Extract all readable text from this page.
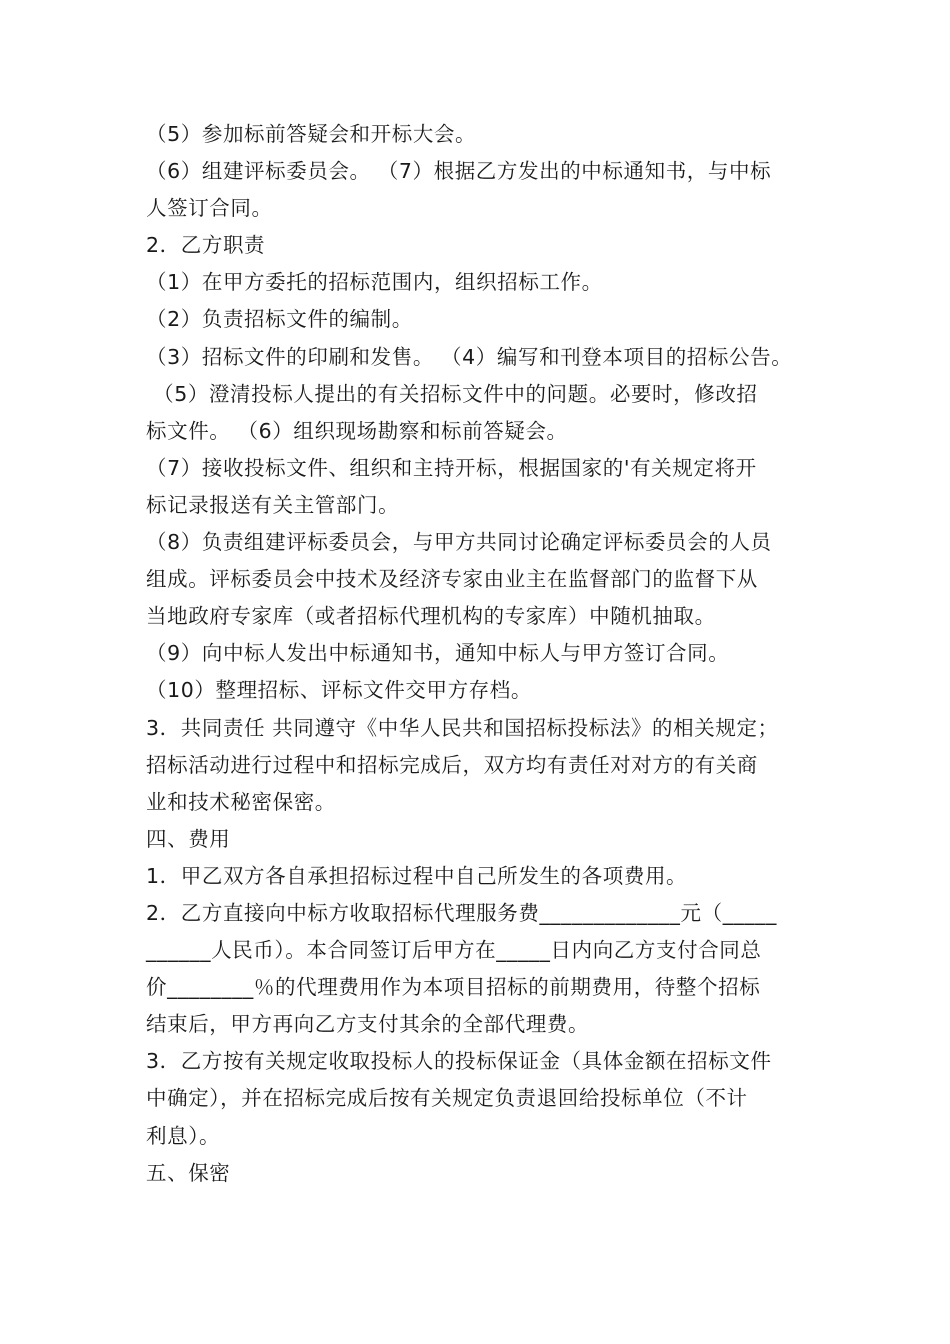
（5）参加标前答疑会和开标大会。
（6）组建评标委员会。 （7）根据乙方发出的中标通知书，与中标
人签订合同。
2．乙方职责
（1）在甲方委托的招标范围内，组织招标工作。
（2）负责招标文件的编制。
（3）招标文件的印刷和发售。 （4）编写和刊登本项目的招标公告。
（5）澄清投标人提出的有关招标文件中的问题。必要时，修改招
标文件。 （6）组织现场勘察和标前答疑会。
（7）接收投标文件、组织和主持开标，根据国家的'有关规定将开
标记录报送有关主管部门。
（8）负责组建评标委员会，与甲方共同讨论确定评标委员会的人员
组成。评标委员会中技术及经济专家由业主在监督部门的监督下从
当地政府专家库（或者招标代理机构的专家库）中随机抽取。
（9）向中标人发出中标通知书，通知中标人与甲方签订合同。
（10）整理招标、评标文件交甲方存档。
3．共同责任 共同遵守《中华人民共和国招标投标法》的相关规定；
招标活动进行过程中和招标完成后，双方均有责任对对方的有关商
业和技术秘密保密。
四、费用
1．甲乙双方各自承担招标过程中自己所发生的各项费用。
2．乙方直接向中标方收取招标代理服务费_____________元（_____
______人民币）。本合同签订后甲方在_____日内向乙方支付合同总
价________％的代理费用作为本项目招标的前期费用，待整个招标
结束后，甲方再向乙方支付其余的全部代理费。
3．乙方按有关规定收取投标人的投标保证金（具体金额在招标文件
中确定），并在招标完成后按有关规定负责退回给投标单位（不计
利息）。
五、保密
